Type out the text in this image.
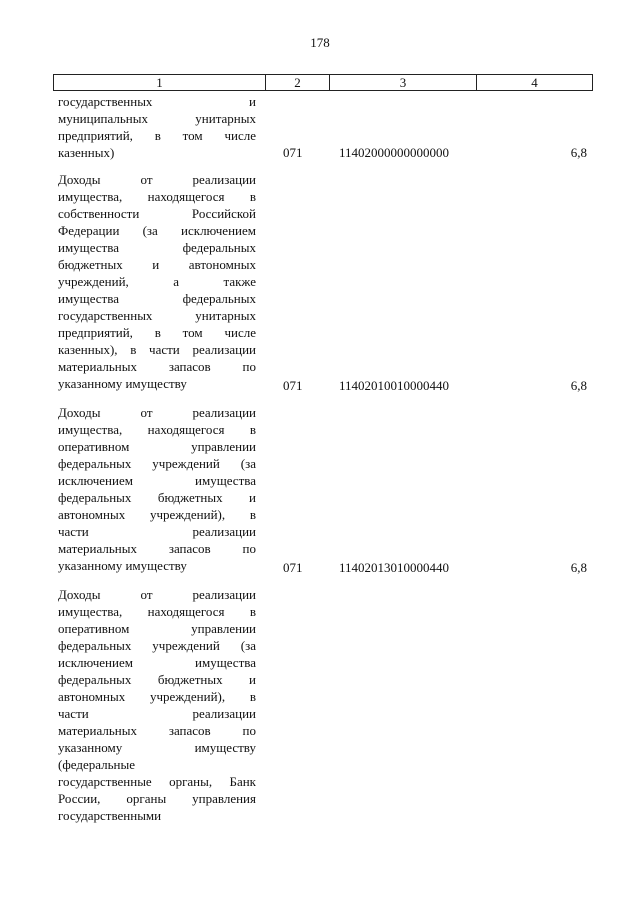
178
1	2	3	4
государственных и
муниципальных унитарных
предприятий, в том числе
казенных)	071	11402000000000000	6,8
Доходы от реализации
имущества, находящегося в
собственности Российской
Федерации (за исключением
имущества федеральных
бюджетных и автономных
учреждений, а также
имущества федеральных
государственных унитарных
предприятий, в том числе
казенных), в части реализации
материальных запасов по
указанному имуществу	071	11402010010000440	6,8
Доходы от реализации
имущества, находящегося в
оперативном управлении
федеральных учреждений (за
исключением имущества
федеральных бюджетных и
автономных учреждений), в
части реализации
материальных запасов по
указанному имуществу	071	11402013010000440	6,8
Доходы от реализации
имущества, находящегося в
оперативном управлении
федеральных учреждений (за
исключением имущества
федеральных бюджетных и
автономных учреждений), в
части реализации
материальных запасов по
указанному имуществу
(федеральные
государственные органы, Банк
России, органы управления
государственными
